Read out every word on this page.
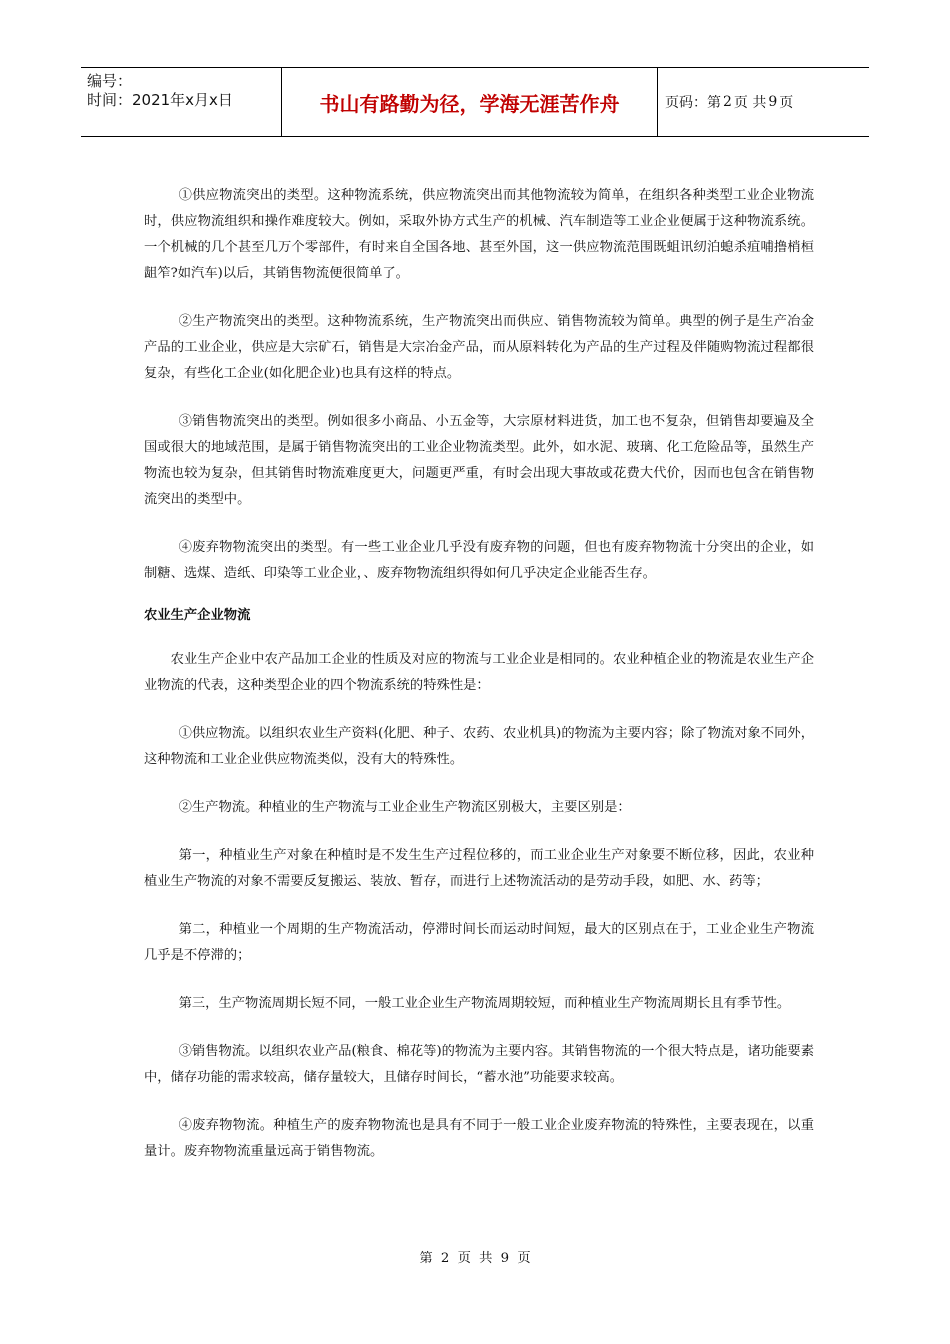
编号：
时间：2021年x月x日	书山有路勤为径，学海无涯苦作舟	页码：第 2 页 共 9 页

①供应物流突出的类型。这种物流系统，供应物流突出而其他物流较为简单，在组织各种类型工业企业物流时，供应物流组织和操作难度较大。例如，采取外协方式生产的机械、汽车制造等工业企业便属于这种物流系统。一个机械的几个甚至几万个零部件，有时来自全国各地、甚至外国，这一供应物流范围既蛆讯纫泊螅杀疽哺撸梢桓龃笮?如汽车)以后，其销售物流便很简单了。

②生产物流突出的类型。这种物流系统，生产物流突出而供应、销售物流较为简单。典型的例子是生产冶金产品的工业企业，供应是大宗矿石，销售是大宗冶金产品，而从原料转化为产品的生产过程及伴随购物流过程都很复杂，有些化工企业(如化肥企业)也具有这样的特点。

③销售物流突出的类型。例如很多小商品、小五金等，大宗原材料进货，加工也不复杂，但销售却要遍及全国或很大的地域范围，是属于销售物流突出的工业企业物流类型。此外，如水泥、玻璃、化工危险品等，虽然生产物流也较为复杂，但其销售时物流难度更大，问题更严重，有时会出现大事故或花费大代价，因而也包含在销售物流突出的类型中。

④废弃物物流突出的类型。有一些工业企业几乎没有废弃物的问题，但也有废弃物物流十分突出的企业，如制糖、选煤、造纸、印染等工业企业，、废弃物物流组织得如何几乎决定企业能否生存。

农业生产企业物流

农业生产企业中农产品加工企业的性质及对应的物流与工业企业是相同的。农业种植企业的物流是农业生产企业物流的代表，这种类型企业的四个物流系统的特殊性是：

①供应物流。以组织农业生产资料(化肥、种子、农药、农业机具)的物流为主要内容；除了物流对象不同外，这种物流和工业企业供应物流类似，没有大的特殊性。

②生产物流。种植业的生产物流与工业企业生产物流区别极大，主要区别是：

第一，种植业生产对象在种植时是不发生生产过程位移的，而工业企业生产对象要不断位移，因此，农业种植业生产物流的对象不需要反复搬运、装放、暂存，而进行上述物流活动的是劳动手段，如肥、水、药等；

第二，种植业一个周期的生产物流活动，停滞时间长而运动时间短，最大的区别点在于，工业企业生产物流几乎是不停滞的；

第三，生产物流周期长短不同，一般工业企业生产物流周期较短，而种植业生产物流周期长且有季节性。

③销售物流。以组织农业产品(粮食、棉花等)的物流为主要内容。其销售物流的一个很大特点是，诸功能要素中，储存功能的需求较高，储存量较大，且储存时间长，“蓄水池”功能要求较高。

④废弃物物流。种植生产的废弃物物流也是具有不同于一般工业企业废弃物流的特殊性，主要表现在，以重量计。废弃物物流重量远高于销售物流。

第 2 页 共 9 页
